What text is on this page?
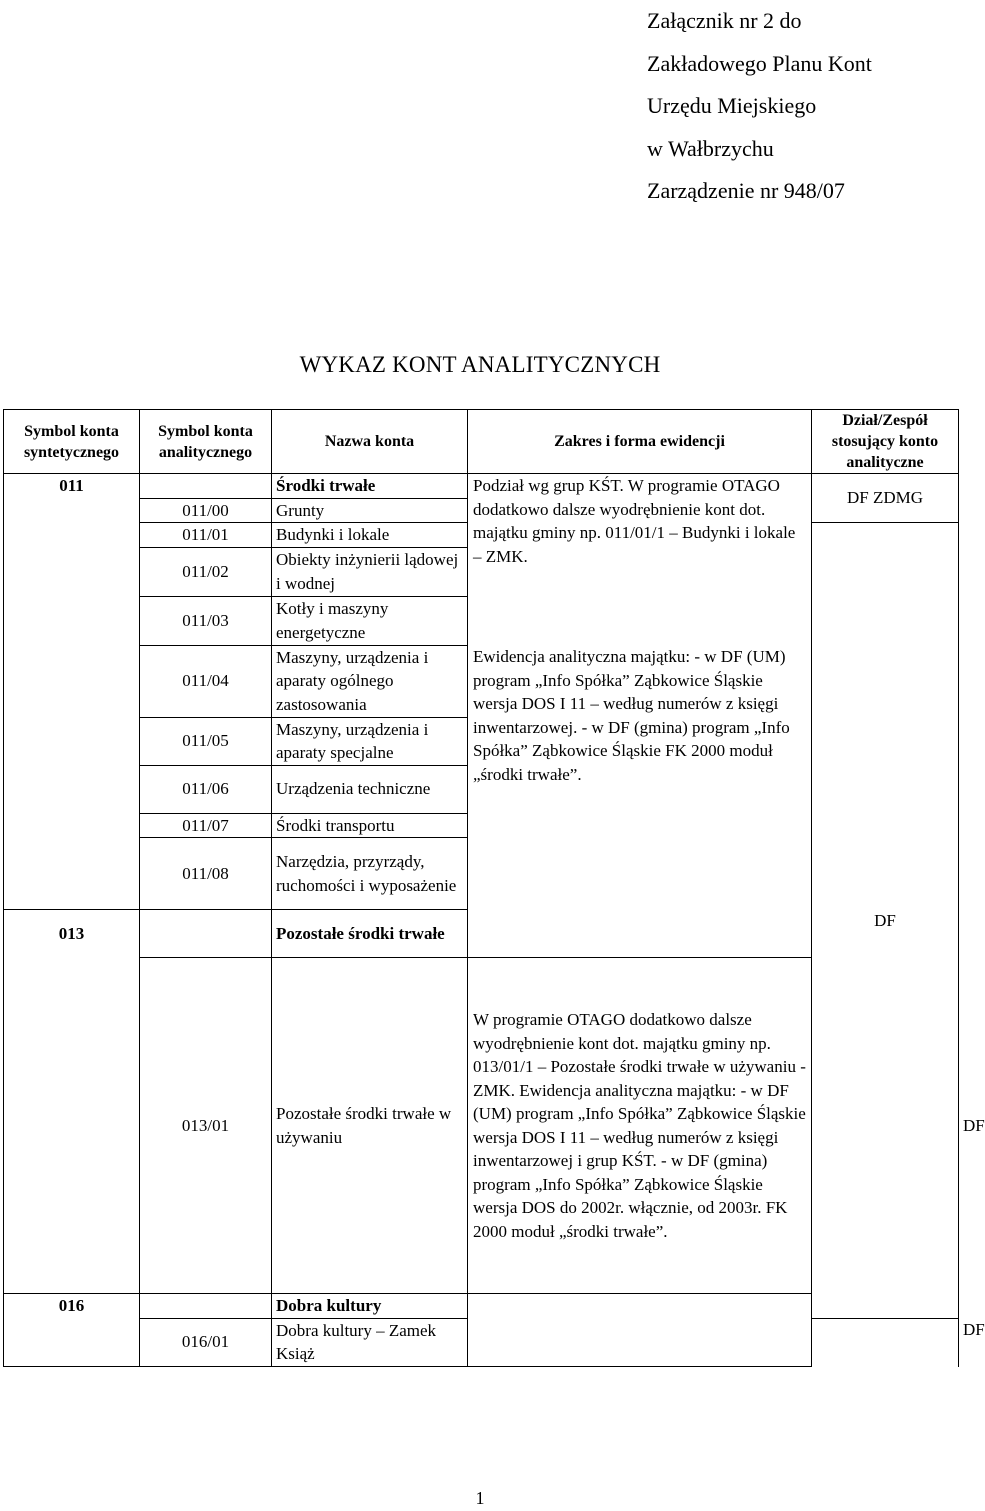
Załącznik nr 2 do
Zakładowego Planu Kont
Urzędu Miejskiego
w Wałbrzychu
Zarządzenie nr 948/07
WYKAZ KONT ANALITYCZNYCH
Symbol konta syntetycznego	Symbol konta analitycznego	Nazwa konta	Zakres i forma ewidencji	Dział/Zespół stosujący konto analityczne	
011		Środki trwałe	Podział wg grup KŚT. W programie OTAGO dodatkowo dalsze wyodrębnienie kont dot. majątku gminy np. 011/01/1 – Budynki i lokale – ZMK.	DF ZDMG	
	011/00	Grunty			
	011/01	Budynki i lokale		DF	
	011/02	Obiekty inżynierii lądowej i wodnej			
	011/03	Kotły i maszyny energetyczne			
	011/04	Maszyny, urządzenia i aparaty ogólnego zastosowania	Ewidencja analityczna majątku: - w DF (UM) program „Info Spółka” Ząbkowice Śląskie wersja DOS I 11 – według numerów z księgi inwentarzowej. - w DF (gmina) program „Info Spółka” Ząbkowice Śląskie FK 2000 moduł „środki trwałe”.		
	011/05	Maszyny, urządzenia i aparaty specjalne			
	011/06	Urządzenia techniczne			
	011/07	Środki transportu			
	011/08	Narzędzia, przyrządy, ruchomości i wyposażenie			
013		Pozostałe środki trwałe			
	013/01	Pozostałe środki trwałe w używaniu	W programie OTAGO dodatkowo dalsze wyodrębnienie kont dot. majątku gminy np. 013/01/1 – Pozostałe środki trwałe w używaniu - ZMK. Ewidencja analityczna majątku: - w DF (UM) program „Info Spółka” Ząbkowice Śląskie wersja DOS I 11 – według numerów z księgi inwentarzowej i grup KŚT. - w DF (gmina) program „Info Spółka” Ząbkowice Śląskie wersja DOS do 2002r. włącznie, od 2003r. FK 2000 moduł „środki trwałe”.		DF
016		Dobra kultury			DF
	016/01	Dobra kultury – Zamek Książ			
1
